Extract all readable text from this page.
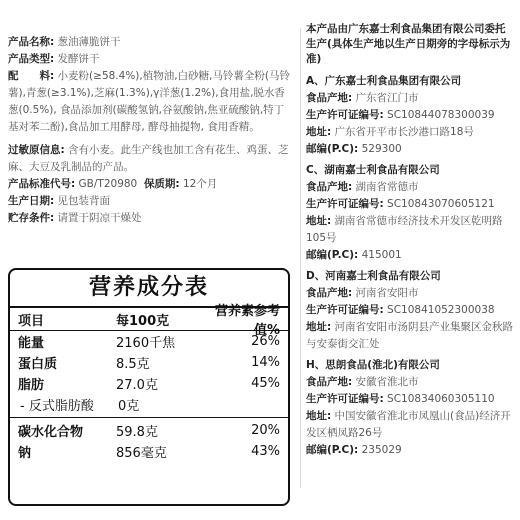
产品名称: 葱油薄脆饼干

产品类型: 发酵饼干

配　　料: 小麦粉(≥58.4%),植物油,白砂糖,马铃薯全粉(马铃薯),青葱(≥3.1%),芝麻(1.3%),γ洋葱(1.2%),食用盐,脱水香葱(0.5%), 食品添加剂(碳酸氢钠,谷氨酸钠,焦亚硫酸钠,特丁基对苯二酚),食品加工用酵母, 酵母抽提物, 食用香精。

过敏原信息: 含有小麦。此生产线也加工含有花生、鸡蛋、芝麻、大豆及乳制品的产品。

产品标准代号: GB/T20980 保质期: 12个月

生产日期: 见包装背面

贮存条件: 请置于阴凉干燥处

营养成分表
项目	每100克
营养素参考值%
能量	2160千焦	26%
蛋白质	8.5克	14%
脂肪	27.0克	45%
- 反式脂肪酸	0克
碳水化合物	59.8克	20%
钠	856毫克	43%
本产品由广东嘉士利食品集团有限公司委托生产(具体生产地以生产日期旁的字母标示为准)
A、广东嘉士利食品集团有限公司
食品产地: 广东省江门市
生产许可证编号: SC10844078300039
地址: 广东省开平市长沙港口路18号
邮编(P.C): 529300
C、湖南嘉士利食品有限公司
食品产地: 湖南省常德市
生产许可证编号: SC10843070605121
地址: 湖南省常德市经济技术开发区乾明路105号
邮编(P.C): 415001
D、河南嘉士利食品有限公司
食品产地: 河南省安阳市
生产许可证编号: SC10841052300038
地址: 河南省安阳市汤阴县产业集聚区金秋路与安泰街交汇处
H、思朗食品(淮北)有限公司
食品产地: 安徽省淮北市
生产许可证编号: SC10834060305110
地址: 中国安徽省淮北市凤凰山(食品)经济开发区栖凤路26号
邮编(P.C): 235029
